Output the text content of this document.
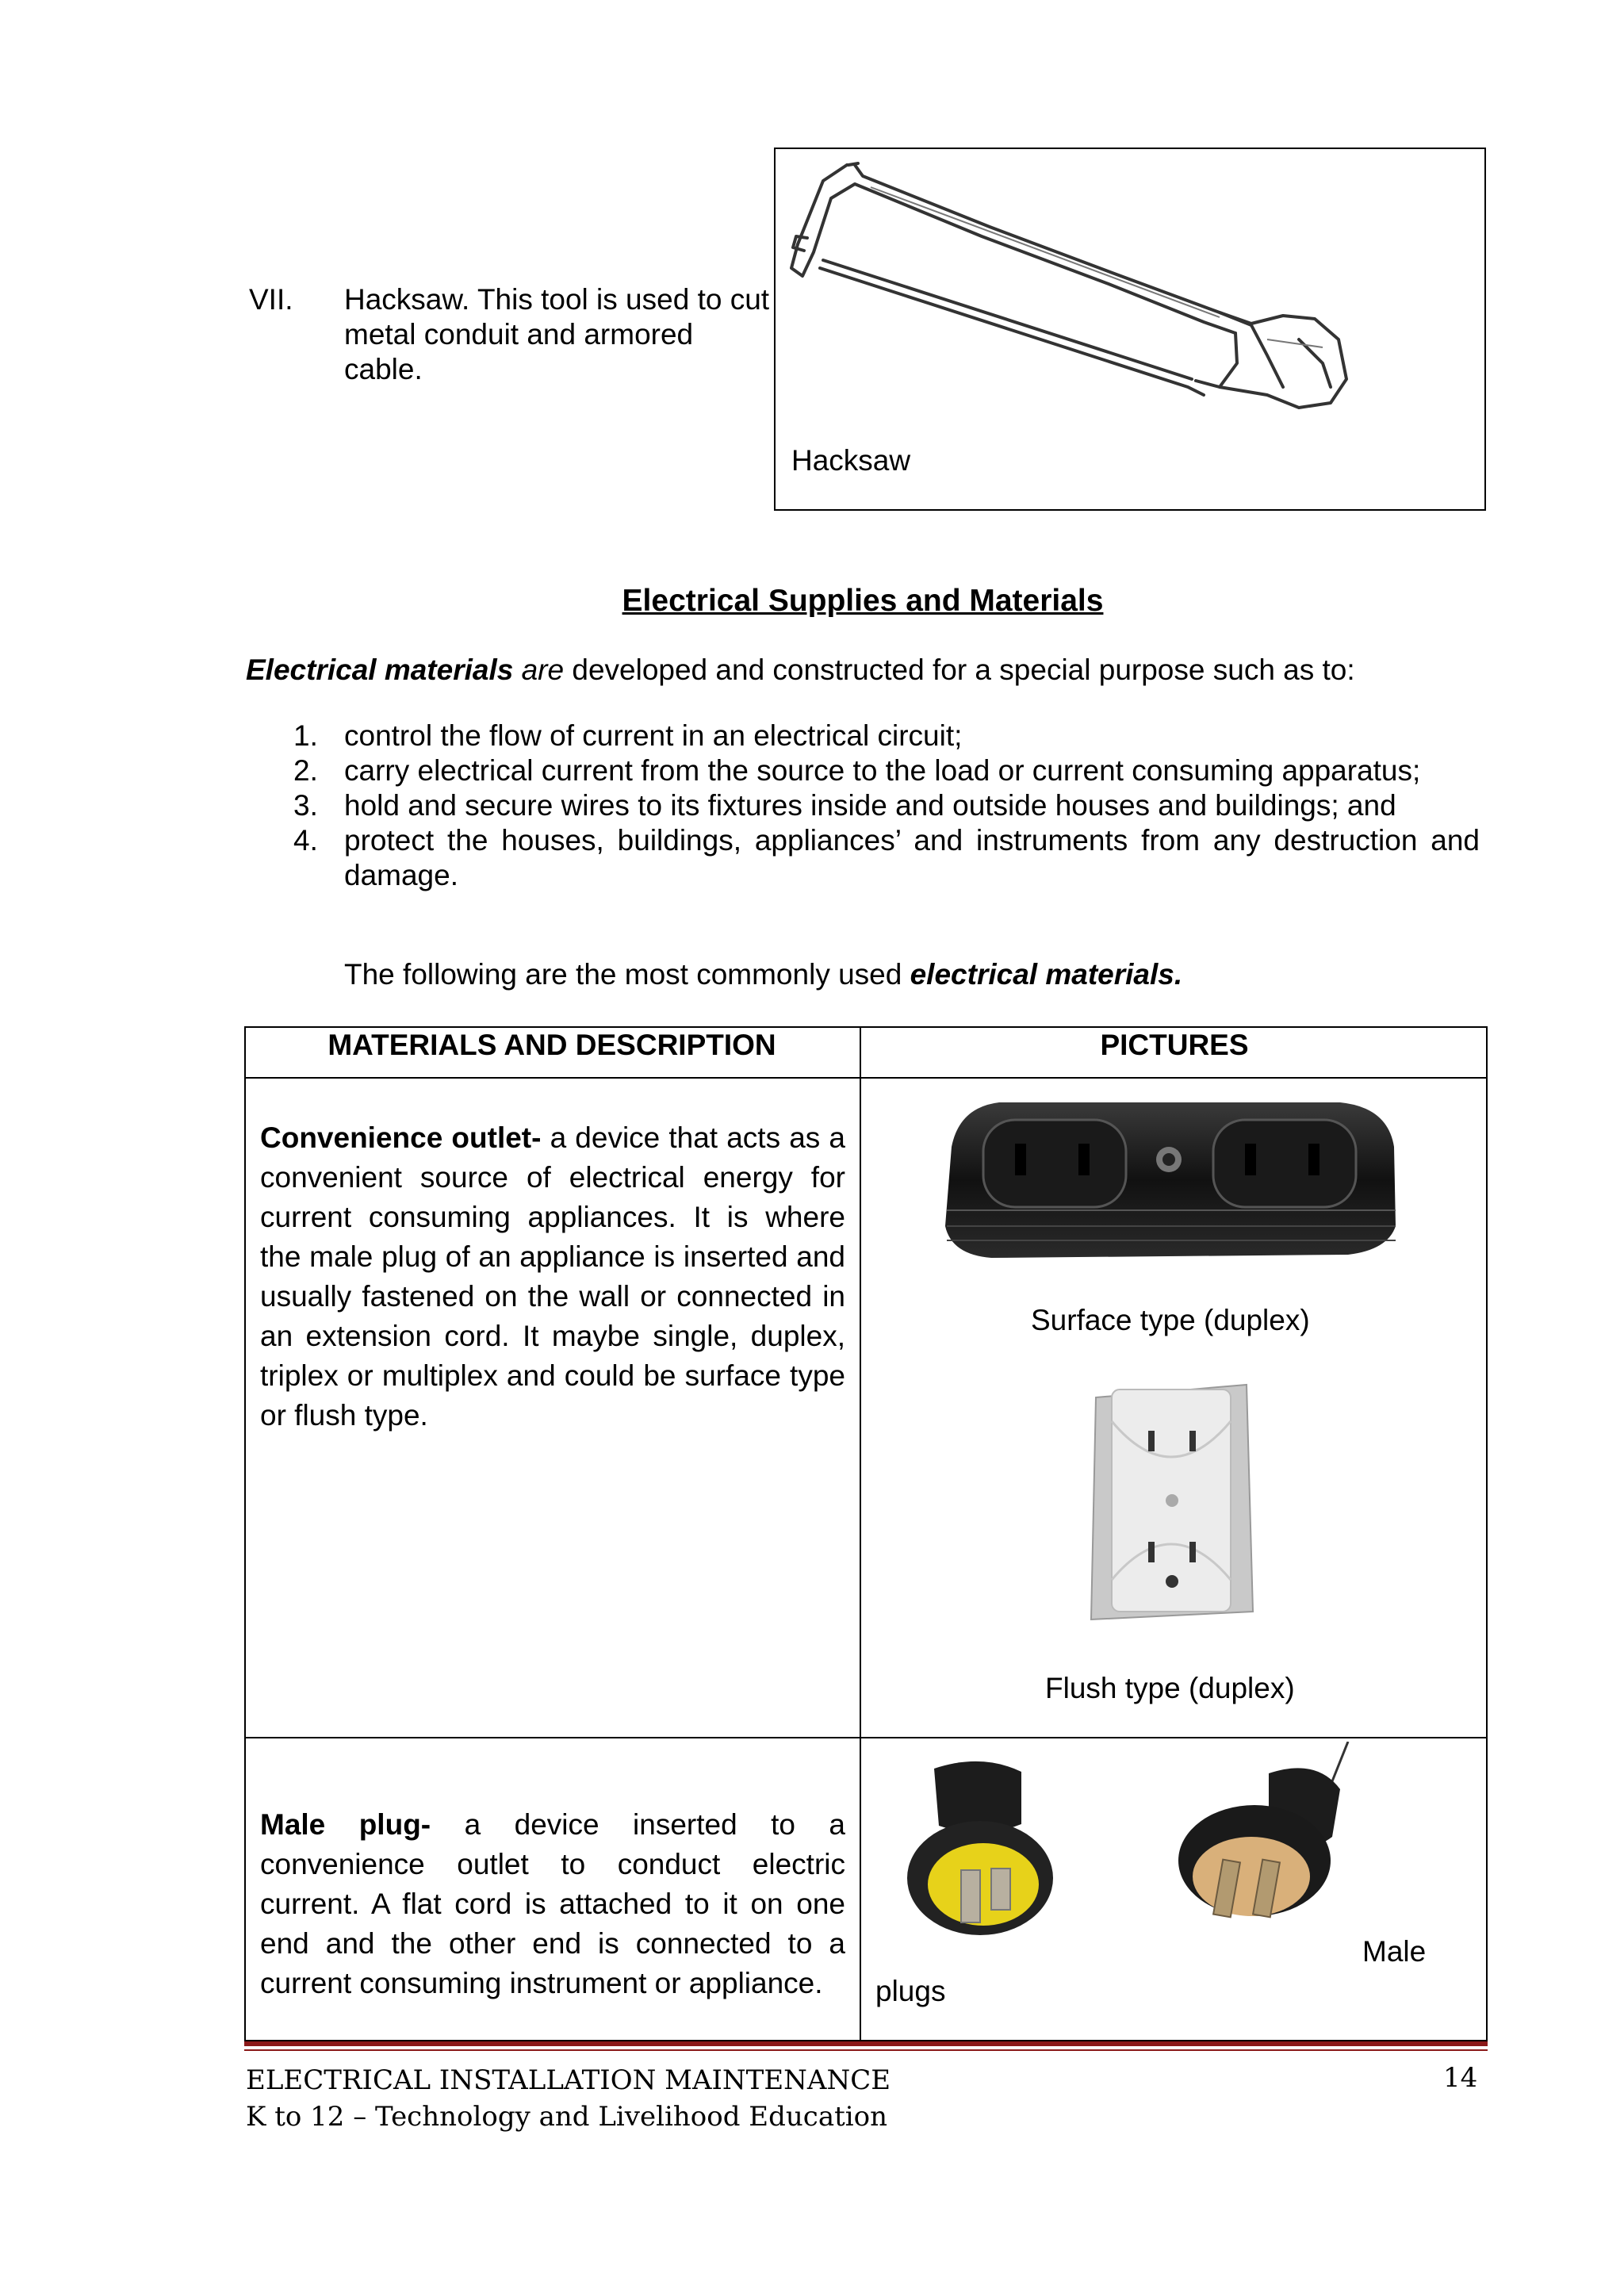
VII. Hacksaw. This tool is used to cut metal conduit and armored cable.
Hacksaw
Electrical Supplies and Materials
Electrical materials are developed and constructed for a special purpose such as to:
1. control the flow of current in an electrical circuit;
2. carry electrical current from the source to the load or current consuming apparatus;
3. hold and secure wires to its fixtures inside and outside houses and buildings; and
4. protect the houses, buildings, appliances’ and instruments from any destruction and damage.
The following are the most commonly used electrical materials.
MATERIALS AND DESCRIPTION	PICTURES
Convenience outlet- a device that acts as a convenient source of electrical energy for current consuming appliances. It is where the male plug of an appliance is inserted and usually fastened on the wall or connected in an extension cord. It maybe single, duplex, triplex or multiplex and could be surface type or flush type.
Surface type (duplex)
Flush type (duplex)
Male plug- a device inserted to a convenience outlet to conduct electric current. A flat cord is attached to it on one end and the other end is connected to a current consuming instrument or appliance.
Male
plugs
ELECTRICAL INSTALLATION MAINTENANCE
K to 12 – Technology and Livelihood Education
14
